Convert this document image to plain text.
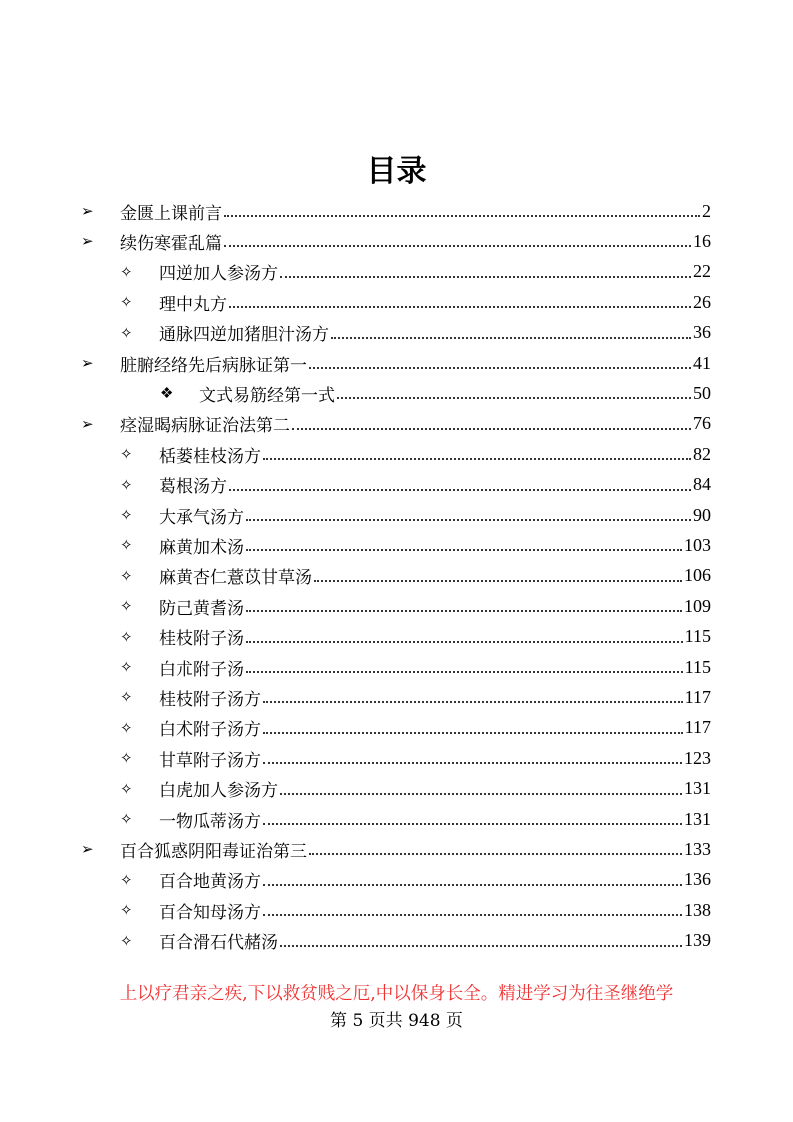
目录
➢	金匮上课前言	2
➢	续伤寒霍乱篇	16
✧	四逆加人参汤方	22
✧	理中丸方	26
✧	通脉四逆加猪胆汁汤方	36
➢	脏腑经络先后病脉证第一	41
❖	文式易筋经第一式	50
➢	痉湿暍病脉证治法第二	76
✧	栝蒌桂枝汤方	82
✧	葛根汤方	84
✧	大承气汤方	90
✧	麻黄加术汤	103
✧	麻黄杏仁薏苡甘草汤	106
✧	防己黄耆汤	109
✧	桂枝附子汤	115
✧	白朮附子汤	115
✧	桂枝附子汤方	117
✧	白术附子汤方	117
✧	甘草附子汤方	123
✧	白虎加人参汤方	131
✧	一物瓜蒂汤方	131
➢	百合狐惑阴阳毒证治第三	133
✧	百合地黄汤方	136
✧	百合知母汤方	138
✧	百合滑石代赭汤	139
上以疗君亲之疾,下以救贫贱之厄,中以保身长全。精进学习为往圣继绝学
第 5 页共 948 页
